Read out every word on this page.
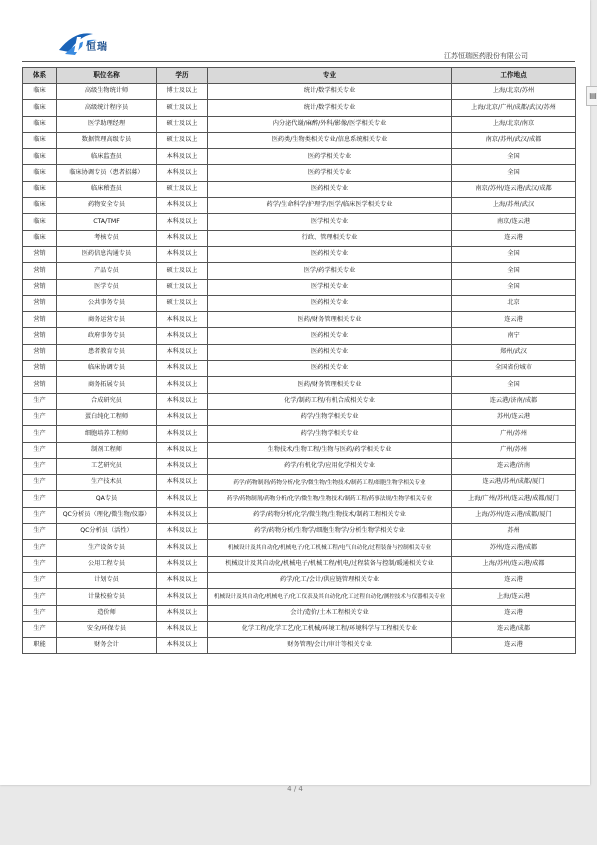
恒瑞
江苏恒瑞医药股份有限公司
体系	职位名称	学历	专业	工作地点
临床	高级生物统计师	博士及以上	统计/数学相关专业	上海/北京/苏州
临床	高级统计程序员	硕士及以上	统计/数学相关专业	上海/北京/广州/成都/武汉/苏州
临床	医学助理经理	硕士及以上	内分泌代谢/麻醉/外科/影像/医学相关专业	上海/北京/南京
临床	数据管理高级专员	硕士及以上	医药类/生物类相关专业/信息系统相关专业	南京/苏州/武汉/成都
临床	临床监查员	本科及以上	医药学相关专业	全国
临床	临床协调专员（患者招募）	本科及以上	医药学相关专业	全国
临床	临床稽查员	硕士及以上	医药相关专业	南京/苏州/连云港/武汉/成都
临床	药物安全专员	本科及以上	药学/生命科学/护理学/医学/临床医学相关专业	上海/苏州/武汉
临床	CTA/TMF	本科及以上	医学相关专业	南京/连云港
临床	考核专员	本科及以上	行政、管理相关专业	连云港
营销	医药信息沟通专员	本科及以上	医药相关专业	全国
营销	产品专员	硕士及以上	医学/药学相关专业	全国
营销	医学专员	硕士及以上	医学相关专业	全国
营销	公共事务专员	硕士及以上	医药相关专业	北京
营销	商务运营专员	本科及以上	医药/财务管理相关专业	连云港
营销	政府事务专员	本科及以上	医药相关专业	南宁
营销	患者教育专员	本科及以上	医药相关专业	郑州/武汉
营销	临床协调专员	本科及以上	医药相关专业	全国省份城市
营销	商务拓展专员	本科及以上	医药/财务管理相关专业	全国
生产	合成研究员	本科及以上	化学/制药工程/有机合成相关专业	连云港/济南/成都
生产	蛋白纯化工程师	本科及以上	药学/生物学相关专业	苏州/连云港
生产	细胞培养工程师	本科及以上	药学/生物学相关专业	广州/苏州
生产	制剂工程师	本科及以上	生物技术/生物工程/生物与医药/药学相关专业	广州/苏州
生产	工艺研究员	本科及以上	药学/有机化学/应用化学相关专业	连云港/济南
生产	生产技术员	本科及以上	药学/药物制剂/药物分析/化学/微生物/生物技术/制药工程/细胞生物学相关专业	连云港/苏州/成都/厦门
生产	QA专员	本科及以上	药学/药物制剂/药物分析/化学/微生物/生物技术/制药工程/药事法规/生物学相关专业	上海/广州/苏州/连云港/成都/厦门
生产	QC分析员（理化/微生物/仪器）	本科及以上	药学/药物分析/化学/微生物/生物技术/制药工程相关专业	上海/苏州/连云港/成都/厦门
生产	QC分析员（活性）	本科及以上	药学/药物分析/生物学/细胞生物学/分析生物学相关专业	苏州
生产	生产设备专员	本科及以上	机械设计及其自动化/机械电子/化工机械工程/电气自动化/过程装备与控制相关专业	苏州/连云港/成都
生产	公用工程专员	本科及以上	机械设计及其自动化/机械电子/机械工程/机电/过程装备与控制/暖通相关专业	上海/苏州/连云港/成都
生产	计划专员	本科及以上	药学/化工/会计/供应链管理相关专业	连云港
生产	计量校验专员	本科及以上	机械设计及其自动化/机械电子/化工仪表及其自动化/化工过程自动化/测控技术与仪器相关专业	上海/连云港
生产	造价师	本科及以上	会计/造价/土木工程相关专业	连云港
生产	安全/环保专员	本科及以上	化学工程/化学工艺/化工机械/环境工程/环境科学与工程相关专业	连云港/成都
职能	财务会计	本科及以上	财务管理/会计/审计等相关专业	连云港
4 / 4
▤
